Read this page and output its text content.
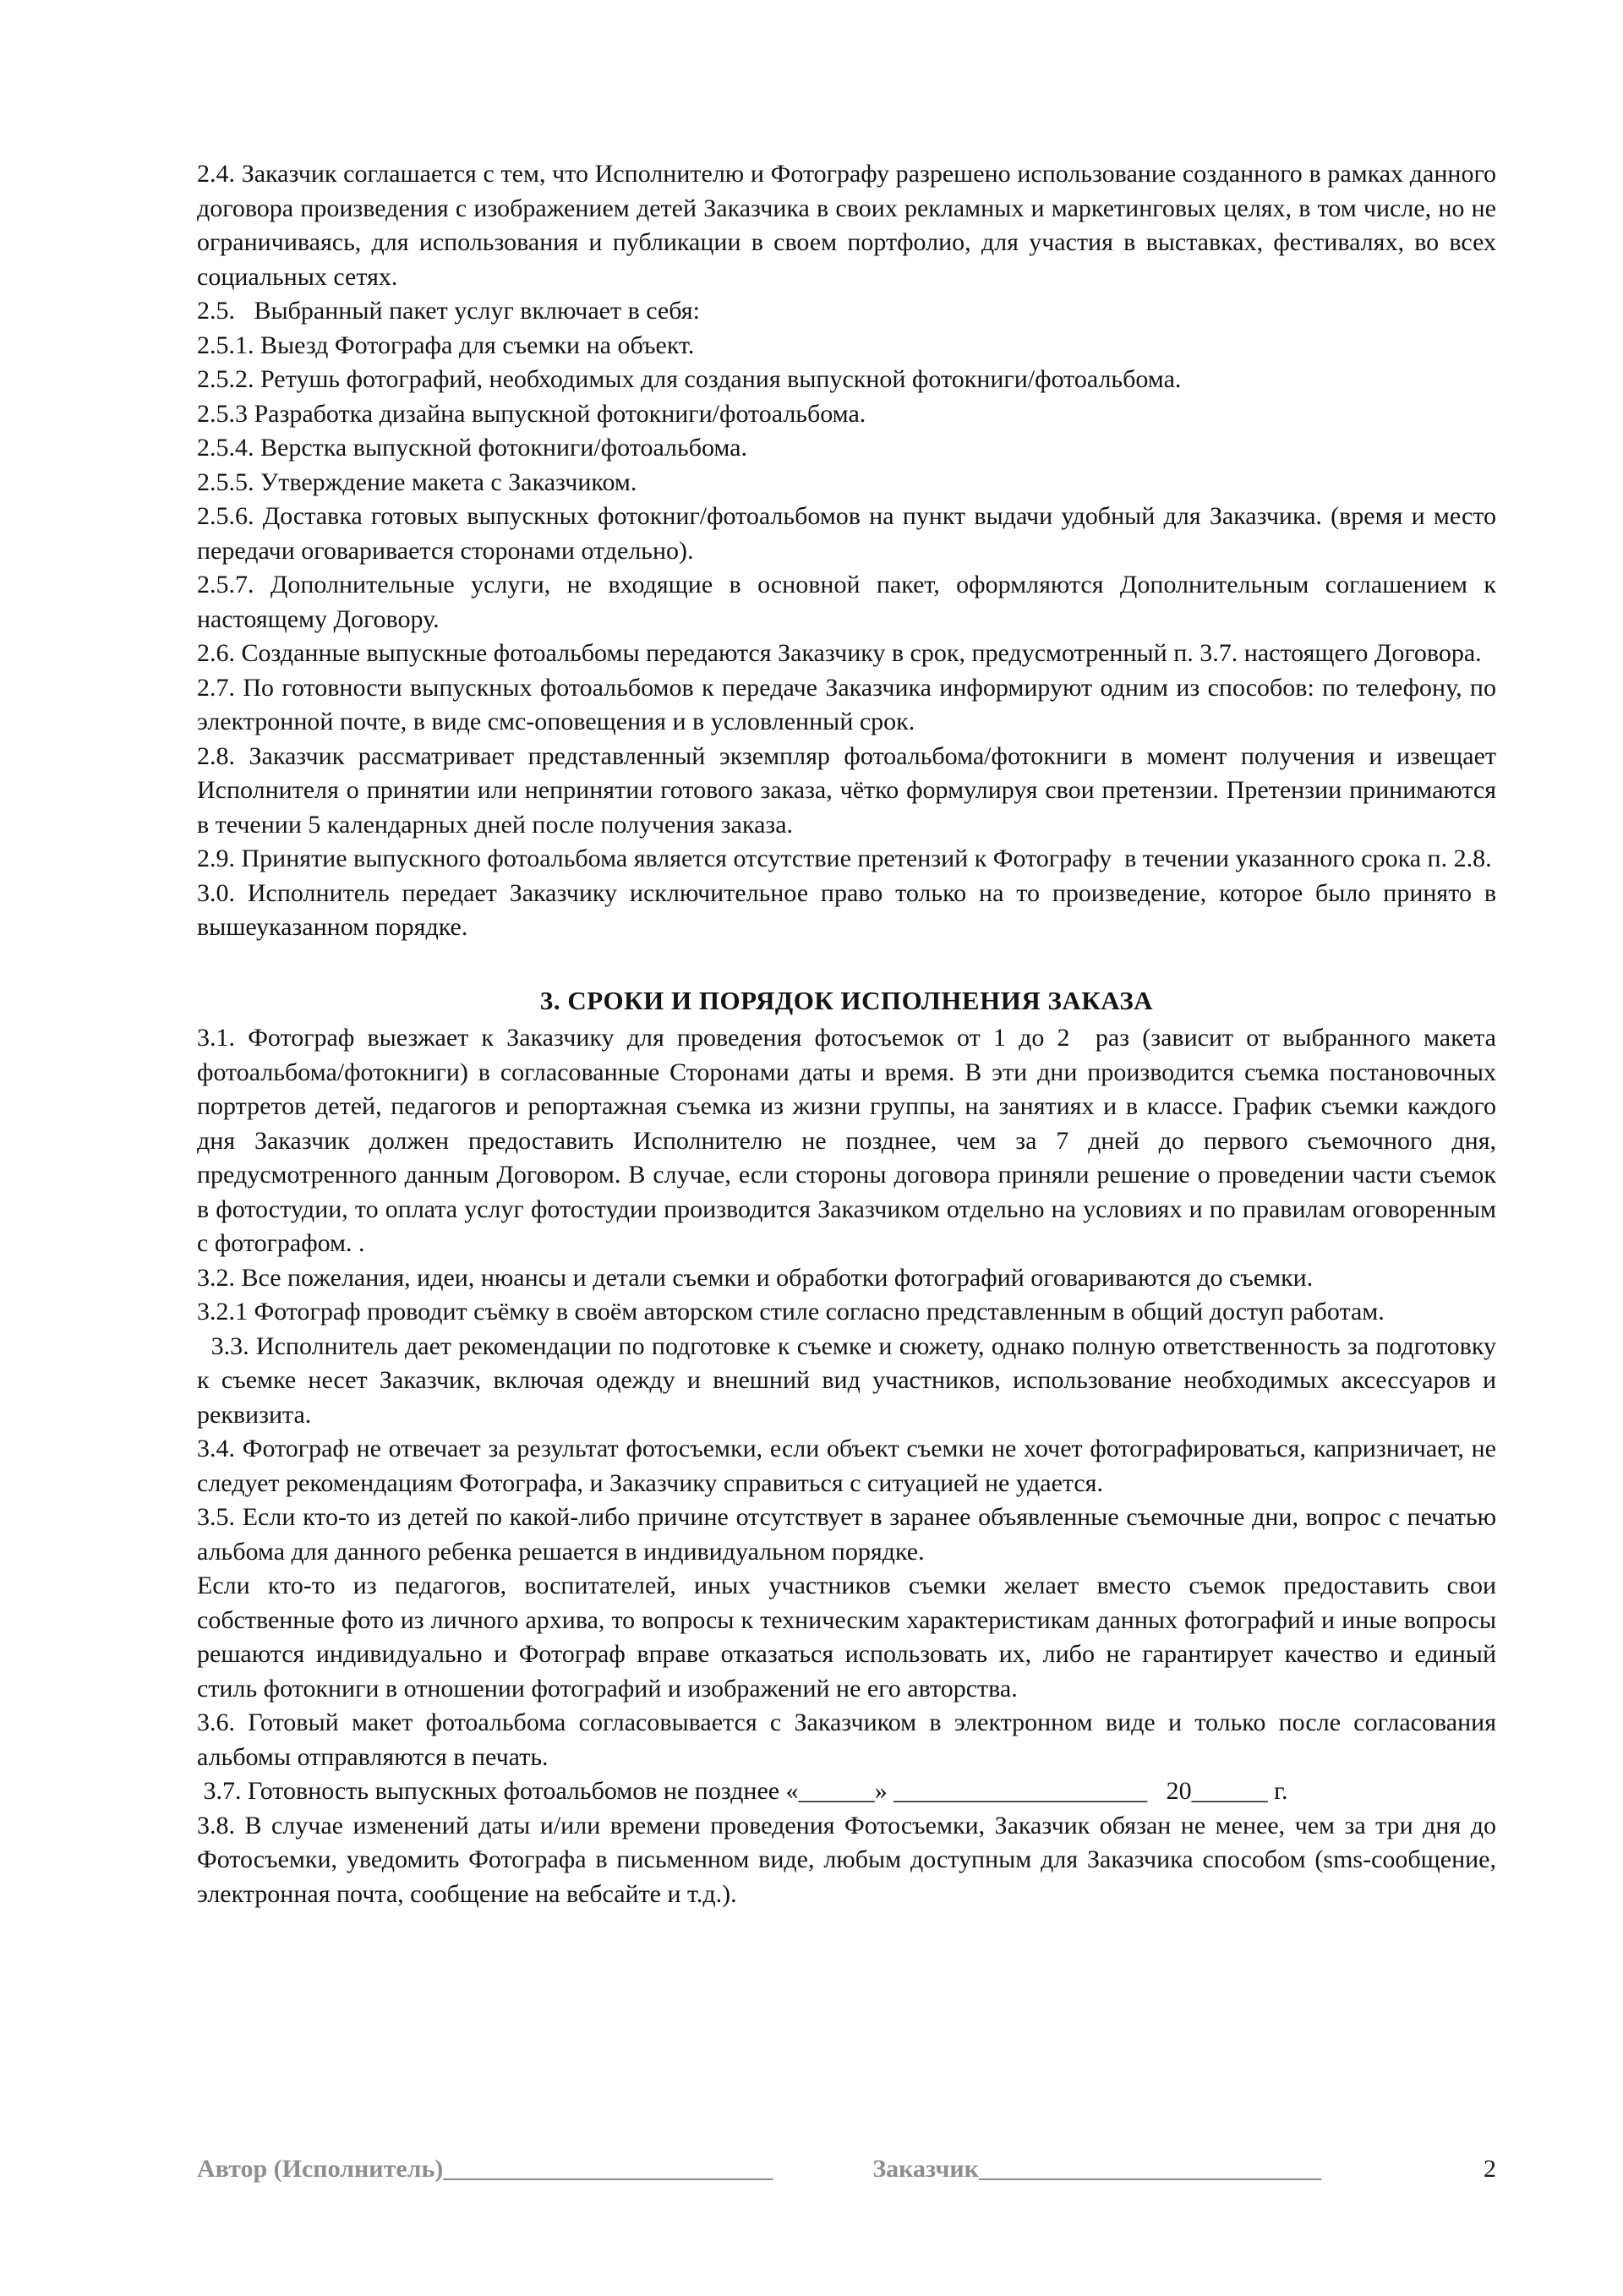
2.4. Заказчик соглашается с тем, что Исполнителю и Фотографу разрешено использование созданного в рамках данного договора произведения с изображением детей Заказчика в своих рекламных и маркетинговых целях, в том числе, но не ограничиваясь, для использования и публикации в своем портфолио, для участия в выставках, фестивалях, во всех социальных сетях.

2.5.   Выбранный пакет услуг включает в себя:

2.5.1. Выезд Фотографа для съемки на объект.

2.5.2. Ретушь фотографий, необходимых для создания выпускной фотокниги/фотоальбома.

2.5.3 Разработка дизайна выпускной фотокниги/фотоальбома.

2.5.4. Верстка выпускной фотокниги/фотоальбома.

2.5.5. Утверждение макета с Заказчиком.

2.5.6. Доставка готовых выпускных фотокниг/фотоальбомов на пункт выдачи удобный для Заказчика. (время и место передачи оговаривается сторонами отдельно).

2.5.7. Дополнительные услуги, не входящие в основной пакет, оформляются Дополнительным соглашением к настоящему Договору.

2.6. Созданные выпускные фотоальбомы передаются Заказчику в срок, предусмотренный п. 3.7. настоящего Договора.

2.7. По готовности выпускных фотоальбомов к передаче Заказчика информируют одним из способов: по телефону, по электронной почте, в виде смс-оповещения и в условленный срок.

2.8. Заказчик рассматривает представленный экземпляр фотоальбома/фотокниги в момент получения и извещает Исполнителя о принятии или непринятии готового заказа, чётко формулируя свои претензии. Претензии принимаются в течении 5 календарных дней после получения заказа.

2.9. Принятие выпускного фотоальбома является отсутствие претензий к Фотографу  в течении указанного срока п. 2.8.

3.0. Исполнитель передает Заказчику исключительное право только на то произведение, которое было принято в вышеуказанном порядке.

3. СРОКИ И ПОРЯДОК ИСПОЛНЕНИЯ ЗАКАЗА

3.1. Фотограф выезжает к Заказчику для проведения фотосъемок от 1 до 2  раз (зависит от выбранного макета фотоальбома/фотокниги) в согласованные Сторонами даты и время. В эти дни производится съемка постановочных портретов детей, педагогов и репортажная съемка из жизни группы, на занятиях и в классе. График съемки каждого дня Заказчик должен предоставить Исполнителю не позднее, чем за 7 дней до первого съемочного дня, предусмотренного данным Договором. В случае, если стороны договора приняли решение о проведении части съемок в фотостудии, то оплата услуг фотостудии производится Заказчиком отдельно на условиях и по правилам оговоренным с фотографом. .

3.2. Все пожелания, идеи, нюансы и детали съемки и обработки фотографий оговариваются до съемки.

3.2.1 Фотограф проводит съёмку в своём авторском стиле согласно представленным в общий доступ работам.

3.3. Исполнитель дает рекомендации по подготовке к съемке и сюжету, однако полную ответственность за подготовку к съемке несет Заказчик, включая одежду и внешний вид участников, использование необходимых аксессуаров и реквизита.

3.4. Фотограф не отвечает за результат фотосъемки, если объект съемки не хочет фотографироваться, капризничает, не следует рекомендациям Фотографа, и Заказчику справиться с ситуацией не удается.

3.5. Если кто-то из детей по какой-либо причине отсутствует в заранее объявленные съемочные дни, вопрос с печатью альбома для данного ребенка решается в индивидуальном порядке.

Если кто-то из педагогов, воспитателей, иных участников съемки желает вместо съемок предоставить свои собственные фото из личного архива, то вопросы к техническим характеристикам данных фотографий и иные вопросы решаются индивидуально и Фотограф вправе отказаться использовать их, либо не гарантирует качество и единый стиль фотокниги в отношении фотографий и изображений не его авторства.

3.6. Готовый макет фотоальбома согласовывается с Заказчиком в электронном виде и только после согласования альбомы отправляются в печать.

3.7. Готовность выпускных фотоальбомов не позднее «______» ____________________   20______ г.

3.8. В случае изменений даты и/или времени проведения Фотосъемки, Заказчик обязан не менее, чем за три дня до Фотосъемки, уведомить Фотографа в письменном виде, любым доступным для Заказчика способом (sms-сообщение, электронная почта, сообщение на вебсайте и т.д.).

Автор (Исполнитель)__________________________	Заказчик___________________________	2
